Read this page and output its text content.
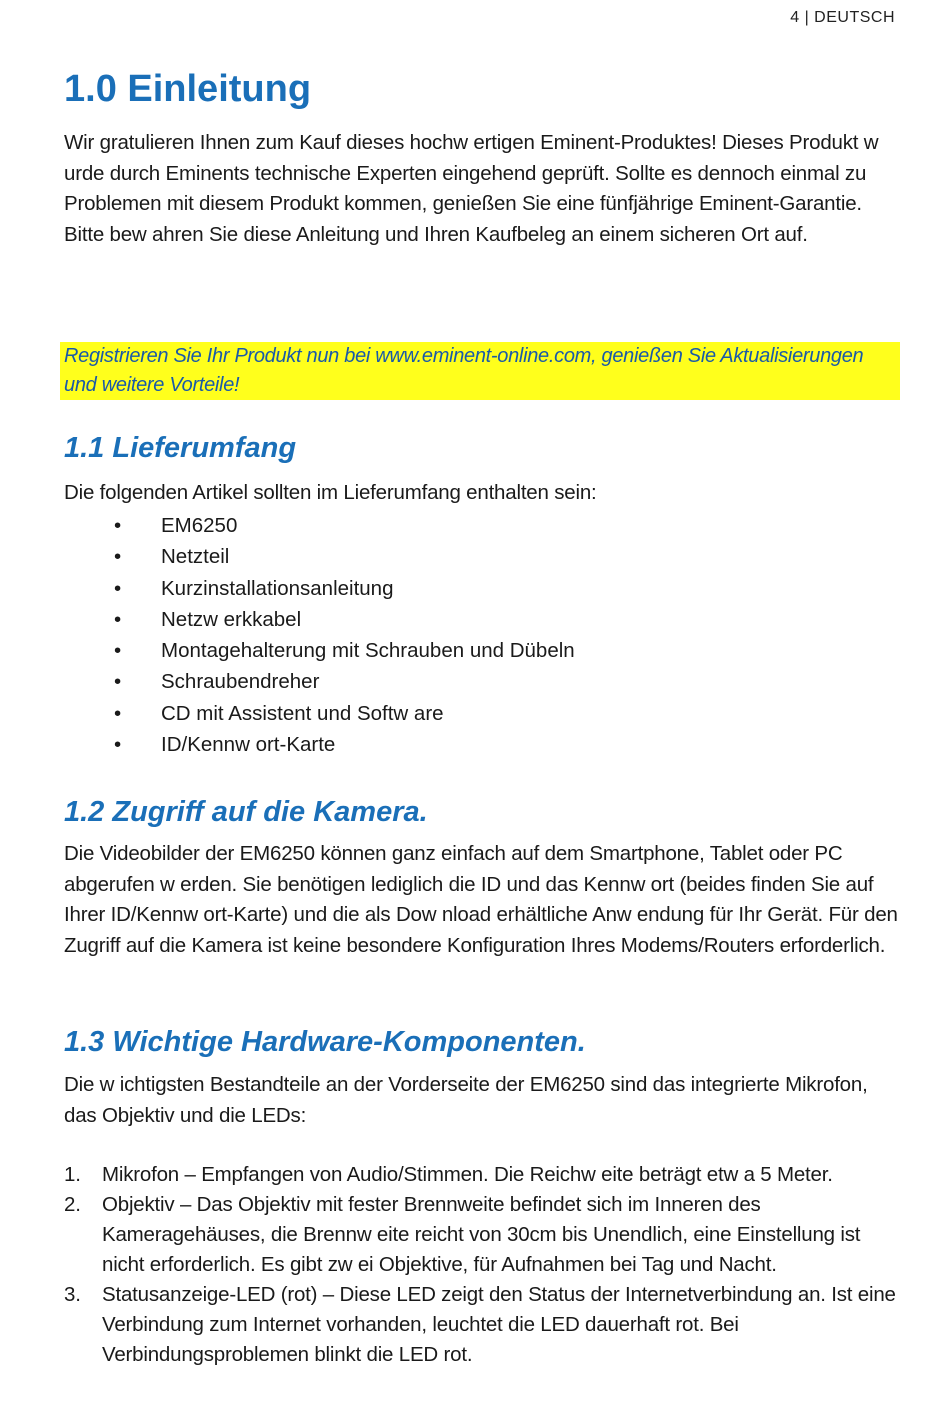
4 | DEUTSCH
1.0 Einleitung

Wir gratulieren Ihnen zum Kauf dieses hochw ertigen Eminent-Produktes! Dieses Produkt w urde durch Eminents technische Experten eingehend geprüft. Sollte es dennoch einmal zu Problemen mit diesem Produkt kommen, genießen Sie eine fünfjährige Eminent-Garantie. Bitte bew ahren Sie diese Anleitung und Ihren Kaufbeleg an einem sicheren Ort auf.

Registrieren Sie Ihr Produkt nun bei www.eminent-online.com, genießen Sie Aktualisierungen und weitere Vorteile!

1.1 Lieferumfang

Die folgenden Artikel sollten im Lieferumfang enthalten sein:

• EM6250
• Netzteil
• Kurzinstallationsanleitung
• Netzw erkkabel
• Montagehalterung mit Schrauben und Dübeln
• Schraubendreher
• CD mit Assistent und Softw are
• ID/Kennw ort-Karte
1.2 Zugriff auf die Kamera.

Die Videobilder der EM6250 können ganz einfach auf dem Smartphone, Tablet oder PC abgerufen w erden. Sie benötigen lediglich die ID und das Kennw ort (beides finden Sie auf Ihrer ID/Kennw ort-Karte) und die als Dow nload erhältliche Anw endung für Ihr Gerät. Für den Zugriff auf die Kamera ist keine besondere Konfiguration Ihres Modems/Routers erforderlich.

1.3 Wichtige Hardware-Komponenten.

Die w ichtigsten Bestandteile an der Vorderseite der EM6250 sind das integrierte Mikrofon, das Objektiv und die LEDs:

1. Mikrofon – Empfangen von Audio/Stimmen. Die Reichw eite beträgt etw a 5 Meter.
2. Objektiv – Das Objektiv mit fester Brennweite befindet sich im Inneren des Kameragehäuses, die Brennw eite reicht von 30cm bis Unendlich, eine Einstellung ist nicht erforderlich. Es gibt zw ei Objektive, für Aufnahmen bei Tag und Nacht.
3. Statusanzeige-LED (rot) – Diese LED zeigt den Status der Internetverbindung an. Ist eine Verbindung zum Internet vorhanden, leuchtet die LED dauerhaft rot. Bei Verbindungsproblemen blinkt die LED rot.
